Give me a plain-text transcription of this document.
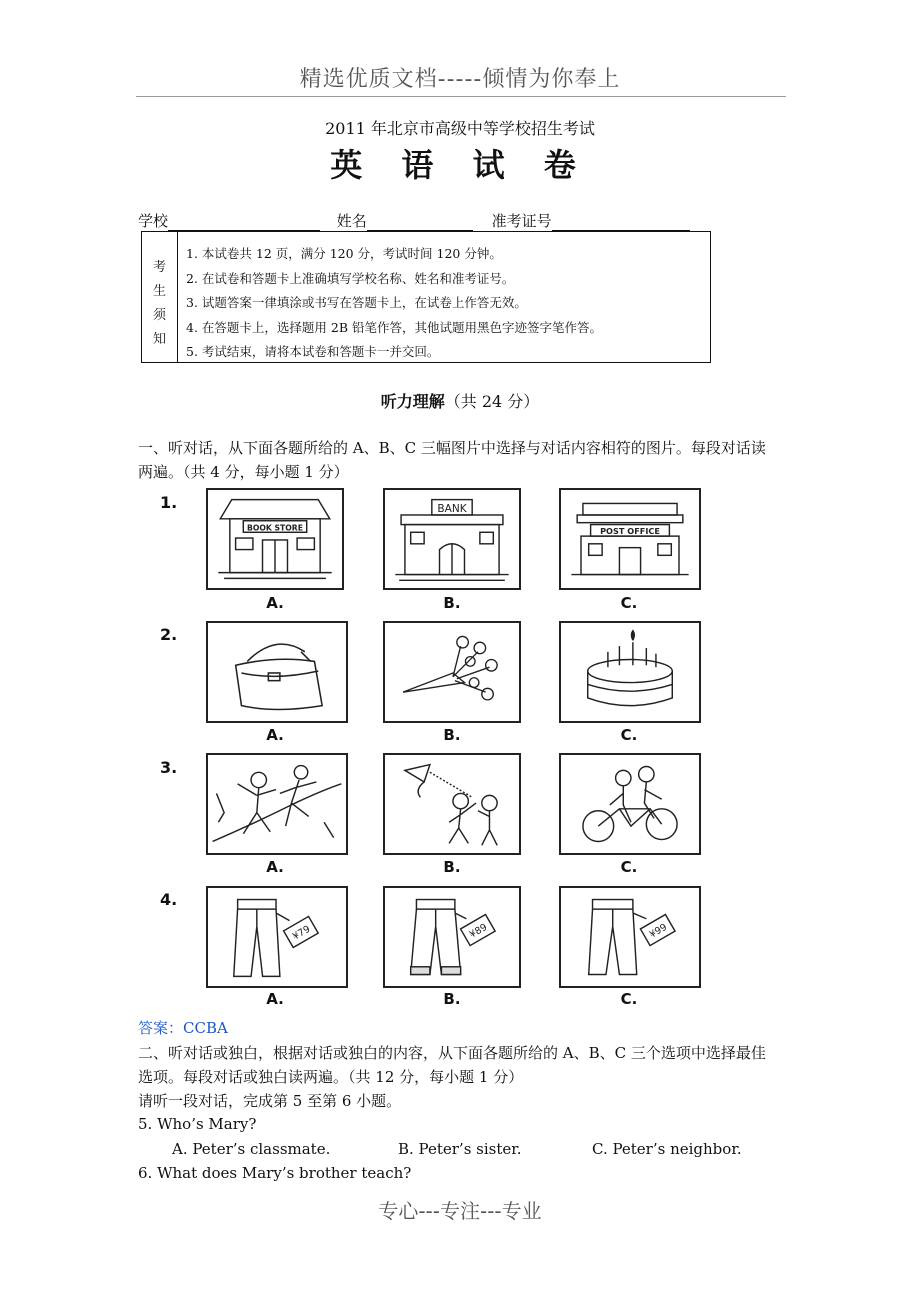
精选优质文档-----倾情为你奉上
2011 年北京市高级中等学校招生考试
英 语 试 卷
学校	姓名	准考证号
考
生
须
知
1. 本试卷共 12 页，满分 120 分，考试时间 120 分钟。
2. 在试卷和答题卡上准确填写学校名称、姓名和准考证号。
3. 试题答案一律填涂或书写在答题卡上，在试卷上作答无效。
4. 在答题卡上，选择题用 2B 铅笔作答，其他试题用黑色字迹签字笔作答。
5. 考试结束，请将本试卷和答题卡一并交回。
听力理解（共 24 分）
一、听对话，从下面各题所给的 A、B、C 三幅图片中选择与对话内容相符的图片。每段对话读两遍。（共 4 分，每小题 1 分）
1.
2.
3.
4.
BOOK STORE
BANK
POST OFFICE
A.	B.	C.
A.	B.	C.
A.	B.	C.
¥79	¥89	¥99
A.	B.	C.
答案：CCBA
二、听对话或独白，根据对话或独白的内容，从下面各题所给的 A、B、C 三个选项中选择最佳选项。每段对话或独白读两遍。（共 12 分，每小题 1 分）
请听一段对话，完成第 5 至第 6 小题。
5. Who’s Mary?
A. Peter’s classmate.	B. Peter’s sister.	C. Peter’s neighbor.
6. What does Mary’s brother teach?
专心---专注---专业
